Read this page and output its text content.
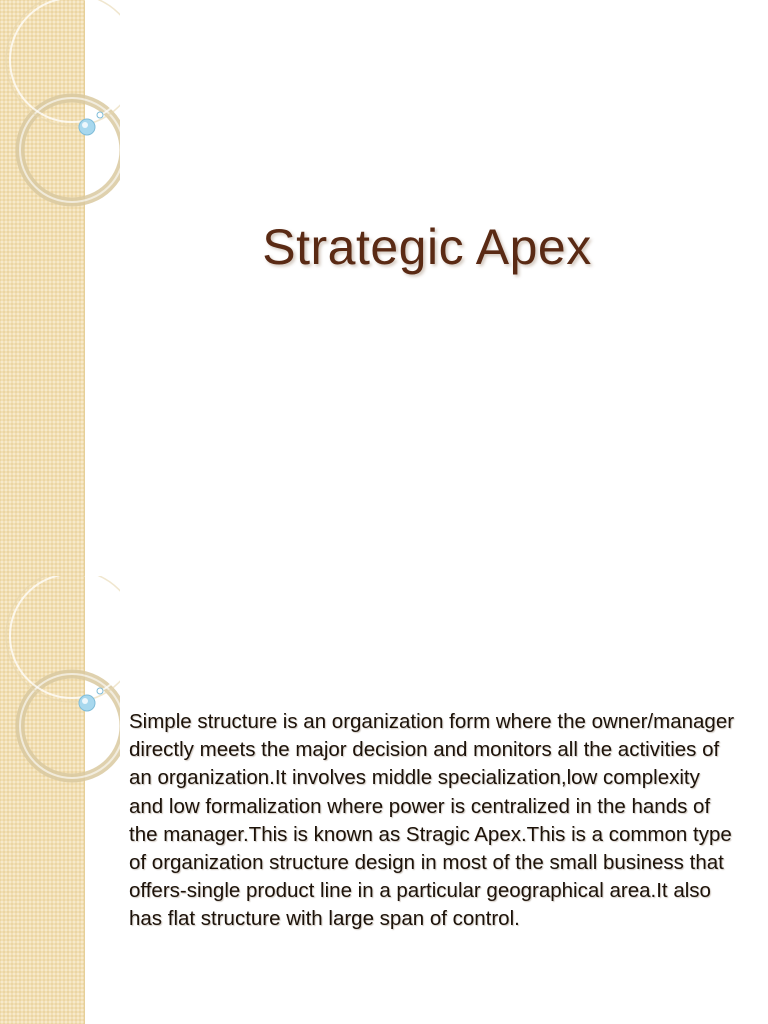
Strategic Apex

Simple structure is an organization form where the owner/manager directly meets the major decision and monitors all the activities of an organization.It involves middle specialization,low complexity and low formalization where power is centralized in the hands of the manager.This is known as Stragic Apex.This is a common type of organization structure design in most of the small business that offers-single product line in a particular geographical area.It also has flat structure with large span of control.
